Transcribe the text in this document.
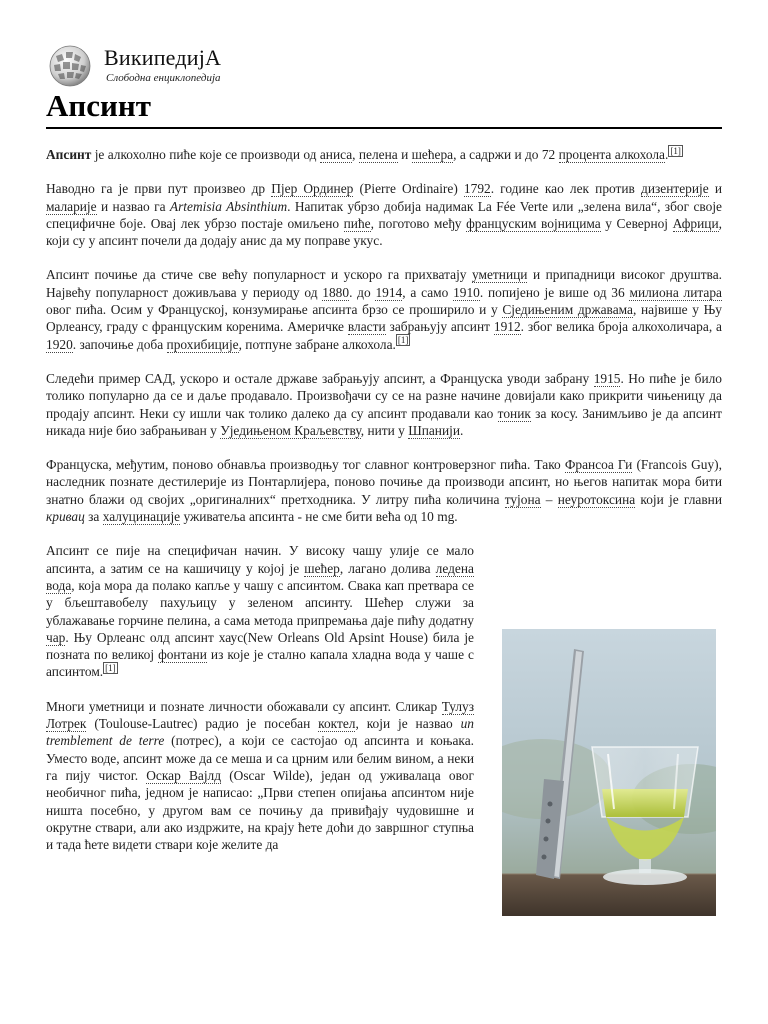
ВикипедијА
Слободна енциклопедија
Апсинт

Апсинт је алкохолно пиће које се производи од аниса, пелена и шећера, а садржи и до 72 процента алкохола. [1]

Наводно га је први пут произвео др Пјер Ординер (Pierre Ordinaire) 1792. године као лек против дизентерије и маларије и назвао га Artemisia Absinthium. Напитак убрзо добија надимак La Fée Verte или „зелена вила“, због своје специфичне боје. Овај лек убрзо постаје омиљено пиће, поготово међу француским војницима у Северној Африци, који су у апсинт почели да додају анис да му поправе укус.

Апсинт почиње да стиче све већу популарност и ускоро га прихватају уметници и припадници високог друштва. Највећу популарност доживљава у периоду од 1880. до 1914, а само 1910. попијено је више од 36 милиона литара овог пића. Осим у Француској, конзумирање апсинта брзо се проширило и у Сједињеним државама, највише у Њу Орлеансу, граду с француским коренима. Америчке власти забрањују апсинт 1912. због велика броја алкохоличара, а 1920. започиње доба прохибиције, потпуне забране алкохола. [1]

Следећи пример САД, ускоро и остале државе забрањују апсинт, а Француска уводи забрану 1915. Но пиће је било толико популарно да се и даље продавало. Произвођачи су се на разне начине довијали како прикрити чињеницу да продају апсинт. Неки су ишли чак толико далеко да су апсинт продавали као тоник за косу. Занимљиво је да апсинт никада није био забрањиван у Уједињеном Краљевству, нити у Шпанији.

Француска, међутим, поново обнавља производњу тог славног контроверзног пића. Тако Франсоа Ги (Francois Guy), наследник познате дестилерије из Понтарлијера, поново почиње да производи апсинт, но његов напитак мора бити знатно блажи од својих „оригиналних“ претходника. У литру пића количина тујона – неуротоксина који је главни кривац за халуцинације уживатеља апсинта - не сме бити већа од 10 mg.

Апсинт се пије на специфичан начин. У високу чашу улије се мало апсинта, а затим се на кашичицу у којој је шећер, лагано долива ледена вода, која мора да полако капље у чашу с апсинтом. Свака кап претвара се у бљештавобелу пахуљицу у зеленом апсинту. Шећер служи за ублажавање горчине пелина, а сама метода припремања даје пићу додатну чар. Њу Орлеанс олд апсинт хаус(New Orleans Old Apsint House) била је позната по великој фонтани из које је стално капала хладна вода у чаше с апсинтом. [1]

Многи уметници и познате личности обожавали су апсинт. Сликар Тулуз Лотрек (Toulouse-Lautrec) радио је посебан коктел, који је назвао un tremblement de terre (потрес), а који се састојао од апсинта и коњака. Уместо воде, апсинт може да се меша и са црним или белим вином, а неки га пију чистог. Оскар Вајлд (Oscar Wilde), један од уживалаца овог необичног пића, једном је написао: „Први степен опијања апсинтом није ништа посебно, у другом вам се почињу да привиђају чудовишне и окрутне ствари, али ако издржите, на крају ћете доћи до завршног ступња и тада ћете видети ствари које желите да
